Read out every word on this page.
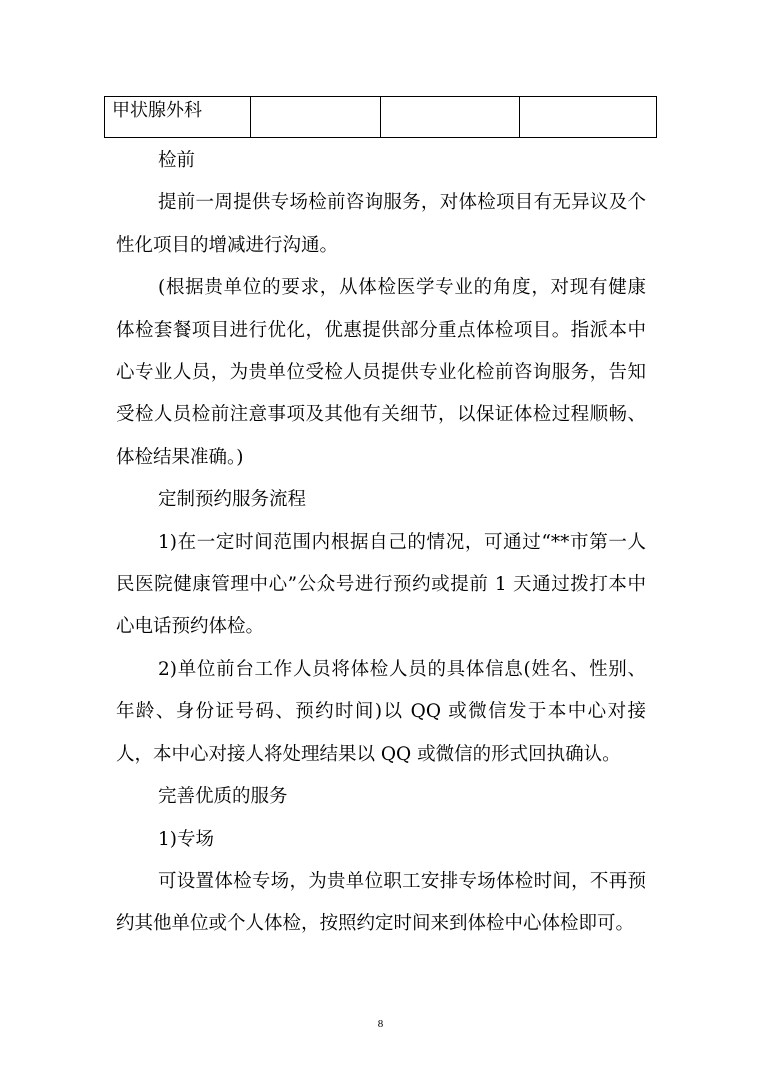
甲状腺外科			

检前

提前一周提供专场检前咨询服务，对体检项目有无异议及个性化项目的增减进行沟通。

(根据贵单位的要求，从体检医学专业的角度，对现有健康体检套餐项目进行优化，优惠提供部分重点体检项目。指派本中心专业人员，为贵单位受检人员提供专业化检前咨询服务，告知受检人员检前注意事项及其他有关细节，以保证体检过程顺畅、体检结果准确。)

定制预约服务流程

1)在一定时间范围内根据自己的情况，可通过“**市第一人民医院健康管理中心”公众号进行预约或提前 1 天通过拨打本中心电话预约体检。

2)单位前台工作人员将体检人员的具体信息(姓名、性别、年龄、身份证号码、预约时间)以 QQ 或微信发于本中心对接人，本中心对接人将处理结果以 QQ 或微信的形式回执确认。

完善优质的服务

1)专场

可设置体检专场，为贵单位职工安排专场体检时间，不再预约其他单位或个人体检，按照约定时间来到体检中心体检即可。

8
